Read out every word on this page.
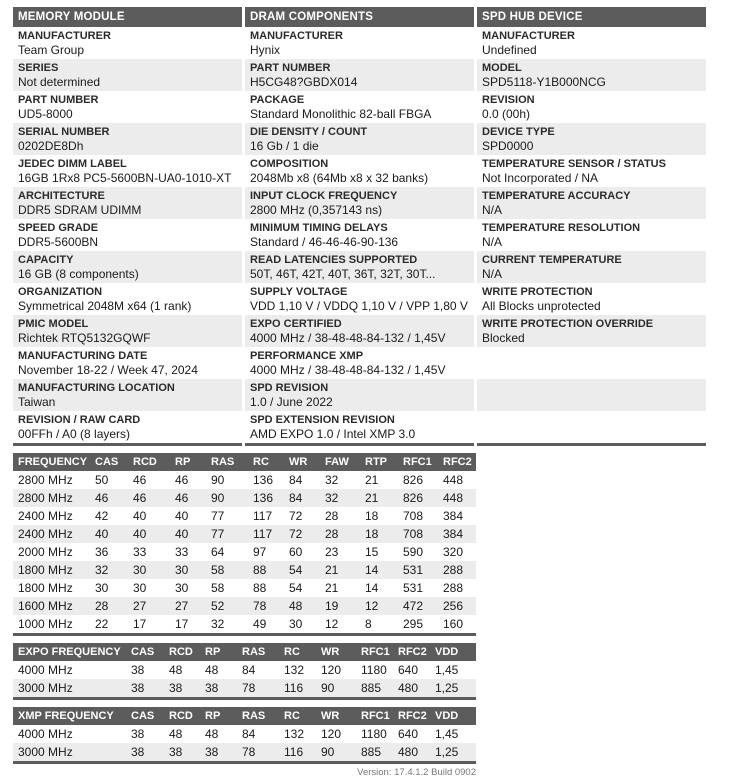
MEMORY MODULE
MANUFACTURER
Team Group
SERIES
Not determined
PART NUMBER
UD5-8000
SERIAL NUMBER
0202DE8Dh
JEDEC DIMM LABEL
16GB 1Rx8 PC5-5600BN-UA0-1010-XT
ARCHITECTURE
DDR5 SDRAM UDIMM
SPEED GRADE
DDR5-5600BN
CAPACITY
16 GB (8 components)
ORGANIZATION
Symmetrical 2048M x64 (1 rank)
PMIC MODEL
Richtek RTQ5132GQWF
MANUFACTURING DATE
November 18-22 / Week 47, 2024
MANUFACTURING LOCATION
Taiwan
REVISION / RAW CARD
00FFh / A0 (8 layers)
DRAM COMPONENTS
MANUFACTURER
Hynix
PART NUMBER
H5CG48?GBDX014
PACKAGE
Standard Monolithic 82-ball FBGA
DIE DENSITY / COUNT
16 Gb / 1 die
COMPOSITION
2048Mb x8 (64Mb x8 x 32 banks)
INPUT CLOCK FREQUENCY
2800 MHz (0,357143 ns)
MINIMUM TIMING DELAYS
Standard / 46-46-46-90-136
READ LATENCIES SUPPORTED
50T, 46T, 42T, 40T, 36T, 32T, 30T...
SUPPLY VOLTAGE
VDD 1,10 V / VDDQ 1,10 V / VPP 1,80 V
EXPO CERTIFIED
4000 MHz / 38-48-48-84-132 / 1,45V
PERFORMANCE XMP
4000 MHz / 38-48-48-84-132 / 1,45V
SPD REVISION
1.0 / June 2022
SPD EXTENSION REVISION
AMD EXPO 1.0 / Intel XMP 3.0
SPD HUB DEVICE
MANUFACTURER
Undefined
MODEL
SPD5118-Y1B000NCG
REVISION
0.0 (00h)
DEVICE TYPE
SPD0000
TEMPERATURE SENSOR / STATUS
Not Incorporated / NA
TEMPERATURE ACCURACY
N/A
TEMPERATURE RESOLUTION
N/A
CURRENT TEMPERATURE
N/A
WRITE PROTECTION
All Blocks unprotected
WRITE PROTECTION OVERRIDE
Blocked
FREQUENCY	CAS	RCD	RP	RAS	RC	WR	FAW	RTP	RFC1	RFC2
2800 MHz	50	46	46	90	136	84	32	21	826	448
2800 MHz	46	46	46	90	136	84	32	21	826	448
2400 MHz	42	40	40	77	117	72	28	18	708	384
2400 MHz	40	40	40	77	117	72	28	18	708	384
2000 MHz	36	33	33	64	97	60	23	15	590	320
1800 MHz	32	30	30	58	88	54	21	14	531	288
1800 MHz	30	30	30	58	88	54	21	14	531	288
1600 MHz	28	27	27	52	78	48	19	12	472	256
1000 MHz	22	17	17	32	49	30	12	8	295	160
EXPO FREQUENCY	CAS	RCD	RP	RAS	RC	WR	RFC1	RFC2	VDD
4000 MHz	38	48	48	84	132	120	1180	640	1,45
3000 MHz	38	38	38	78	116	90	885	480	1,25
XMP FREQUENCY	CAS	RCD	RP	RAS	RC	WR	RFC1	RFC2	VDD
4000 MHz	38	48	48	84	132	120	1180	640	1,45
3000 MHz	38	38	38	78	116	90	885	480	1,25
Version: 17.4.1.2 Build 0902
